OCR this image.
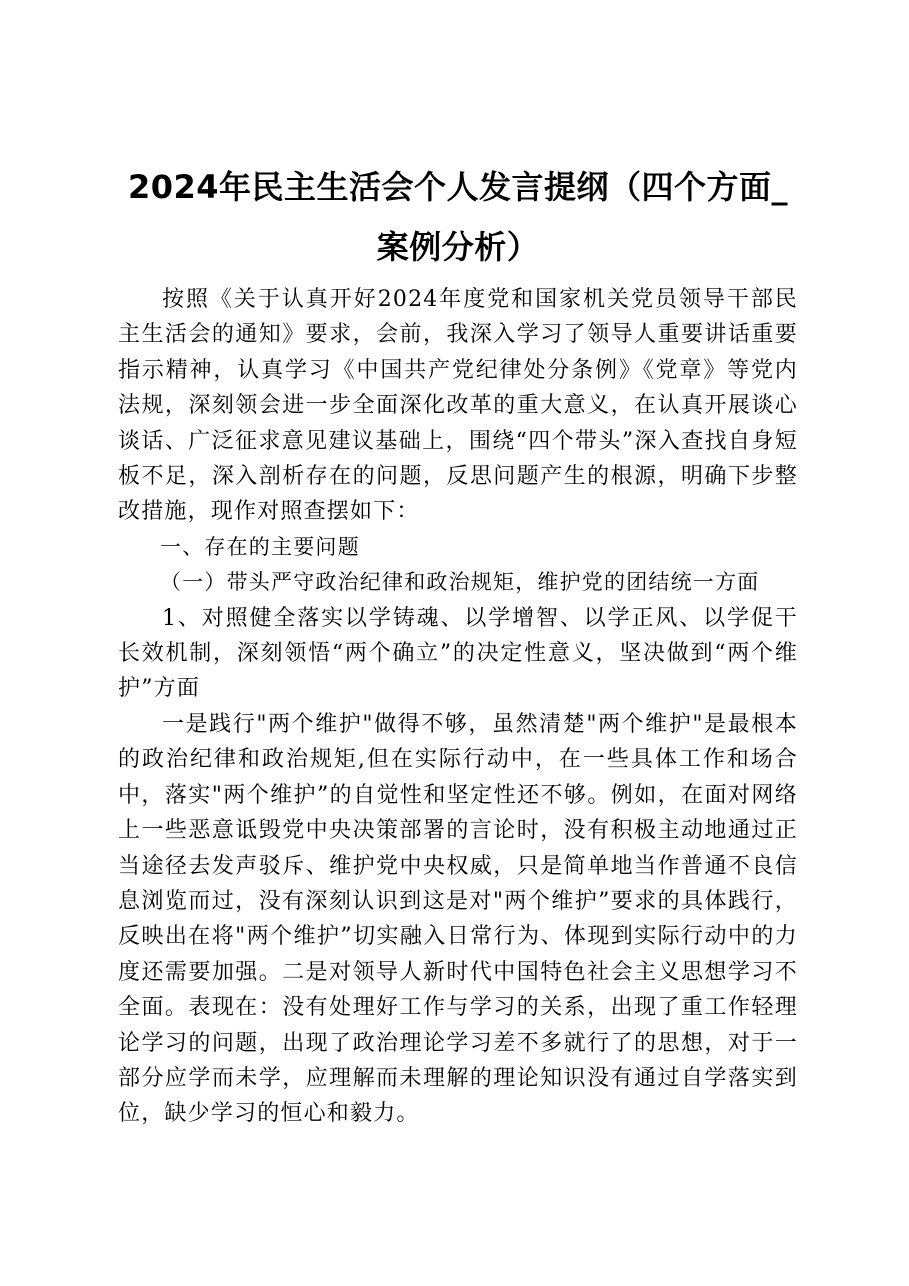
2024年民主生活会个人发言提纲（四个方面_
案例分析）

按照《关于认真开好2024年度党和国家机关党员领导干部民主生活会的通知》要求，会前，我深入学习了领导人重要讲话重要指示精神，认真学习《中国共产党纪律处分条例》《党章》等党内法规，深刻领会进一步全面深化改革的重大意义，在认真开展谈心谈话、广泛征求意见建议基础上，围绕“四个带头”深入查找自身短板不足，深入剖析存在的问题，反思问题产生的根源，明确下步整改措施，现作对照查摆如下：

一、存在的主要问题

（一）带头严守政治纪律和政治规矩，维护党的团结统一方面

1、对照健全落实以学铸魂、以学增智、以学正风、以学促干长效机制，深刻领悟“两个确立”的决定性意义，坚决做到“两个维护”方面

一是践行"两个维护"做得不够，虽然清楚"两个维护"是最根本的政治纪律和政治规矩,但在实际行动中，在一些具体工作和场合中，落实"两个维护”的自觉性和坚定性还不够。例如，在面对网络上一些恶意诋毁党中央决策部署的言论时，没有积极主动地通过正当途径去发声驳斥、维护党中央权威，只是简单地当作普通不良信息浏览而过，没有深刻认识到这是对"两个维护”要求的具体践行，反映出在将"两个维护”切实融入日常行为、体现到实际行动中的力度还需要加强。二是对领导人新时代中国特色社会主义思想学习不全面。表现在：没有处理好工作与学习的关系，出现了重工作轻理论学习的问题，出现了政治理论学习差不多就行了的思想，对于一部分应学而未学，应理解而未理解的理论知识没有通过自学落实到位，缺少学习的恒心和毅力。
